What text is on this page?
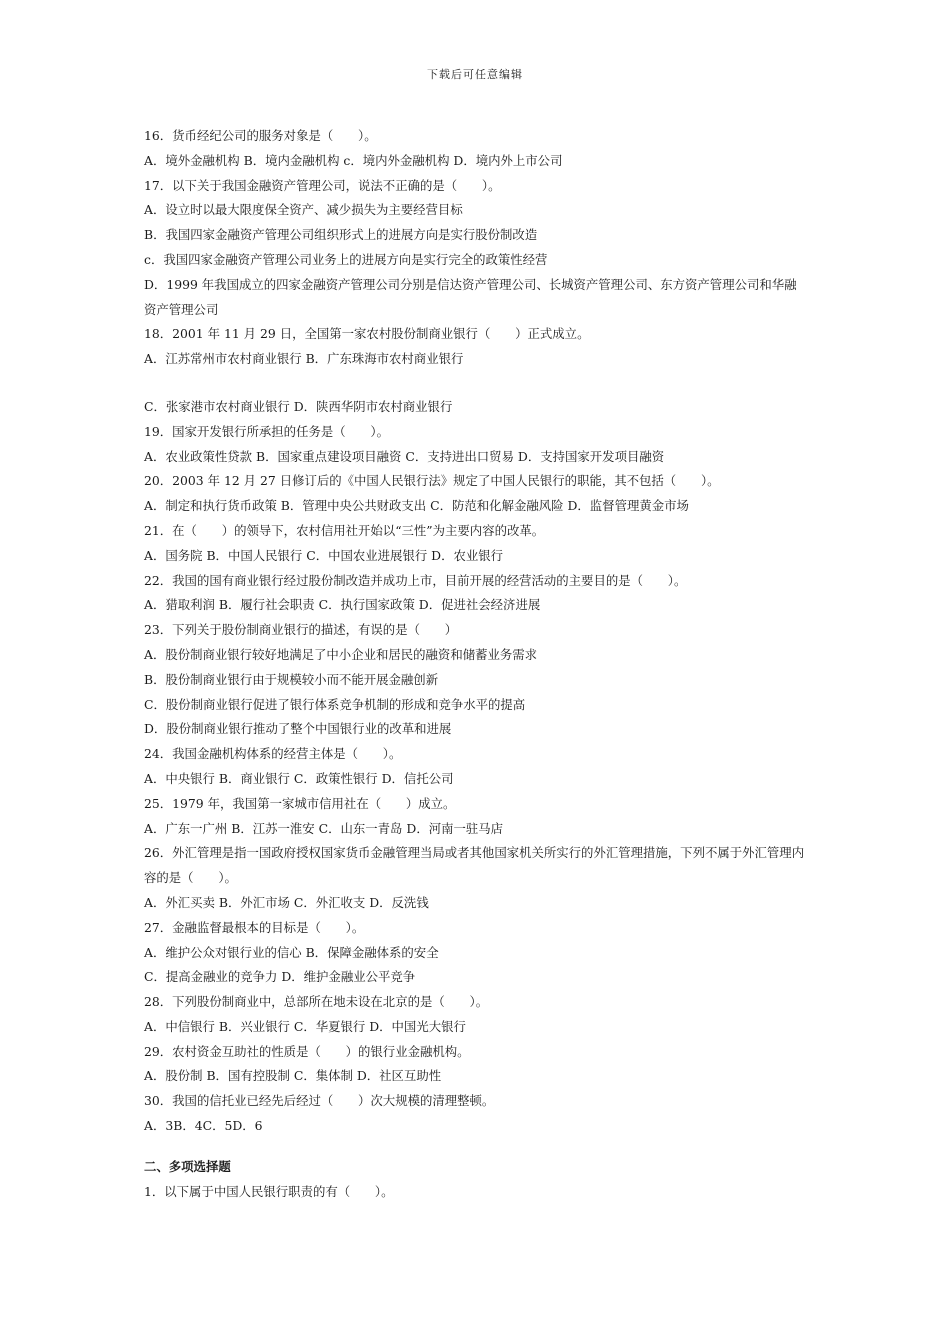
下载后可任意编辑
16．货币经纪公司的服务对象是（　　）。
A．境外金融机构 B．境内金融机构 c．境内外金融机构 D．境内外上市公司
17．以下关于我国金融资产管理公司，说法不正确的是（　　）。
A．设立时以最大限度保全资产、减少损失为主要经营目标
B．我国四家金融资产管理公司组织形式上的进展方向是实行股份制改造
c．我国四家金融资产管理公司业务上的进展方向是实行完全的政策性经营
D．1999 年我国成立的四家金融资产管理公司分别是信达资产管理公司、长城资产管理公司、东方资产管理公司和华融资产管理公司
18．2001 年 11 月 29 日，全国第一家农村股份制商业银行（　　）正式成立。
A．江苏常州市农村商业银行 B．广东珠海市农村商业银行
C．张家港市农村商业银行 D．陕西华阴市农村商业银行
19．国家开发银行所承担的任务是（　　）。
A．农业政策性贷款 B．国家重点建设项目融资 C．支持进出口贸易 D．支持国家开发项目融资
20．2003 年 12 月 27 日修订后的《中国人民银行法》规定了中国人民银行的职能，其不包括（　　）。
A．制定和执行货币政策 B．管理中央公共财政支出 C．防范和化解金融风险 D．监督管理黄金市场
21．在（　　）的领导下，农村信用社开始以“三性”为主要内容的改革。
A．国务院 B．中国人民银行 C．中国农业进展银行 D．农业银行
22．我国的国有商业银行经过股份制改造并成功上市，目前开展的经营活动的主要目的是（　　）。
A．猎取利润 B．履行社会职责 C．执行国家政策 D．促进社会经济进展
23．下列关于股份制商业银行的描述，有误的是（　　）
A．股份制商业银行较好地满足了中小企业和居民的融资和储蓄业务需求
B．股份制商业银行由于规模较小而不能开展金融创新
C．股份制商业银行促进了银行体系竞争机制的形成和竞争水平的提高
D．股份制商业银行推动了整个中国银行业的改革和进展
24．我国金融机构体系的经营主体是（　　）。
A．中央银行 B．商业银行 C．政策性银行 D．信托公司
25．1979 年，我国第一家城市信用社在（　　）成立。
A．广东一广州 B．江苏一淮安 C．山东一青岛 D．河南一驻马店
26．外汇管理是指一国政府授权国家货币金融管理当局或者其他国家机关所实行的外汇管理措施，下列不属于外汇管理内容的是（　　）。
A．外汇买卖 B．外汇市场 C．外汇收支 D．反洗钱
27．金融监督最根本的目标是（　　）。
A．维护公众对银行业的信心 B．保障金融体系的安全
C．提高金融业的竞争力 D．维护金融业公平竞争
28．下列股份制商业中，总部所在地未设在北京的是（　　）。
A．中信银行 B．兴业银行 C．华夏银行 D．中国光大银行
29．农村资金互助社的性质是（　　）的银行业金融机构。
A．股份制 B．国有控股制 C．集体制 D．社区互助性
30．我国的信托业已经先后经过（　　）次大规模的清理整顿。
A．3B．4C．5D．6
二、多项选择题
1．以下属于中国人民银行职责的有（　　）。
